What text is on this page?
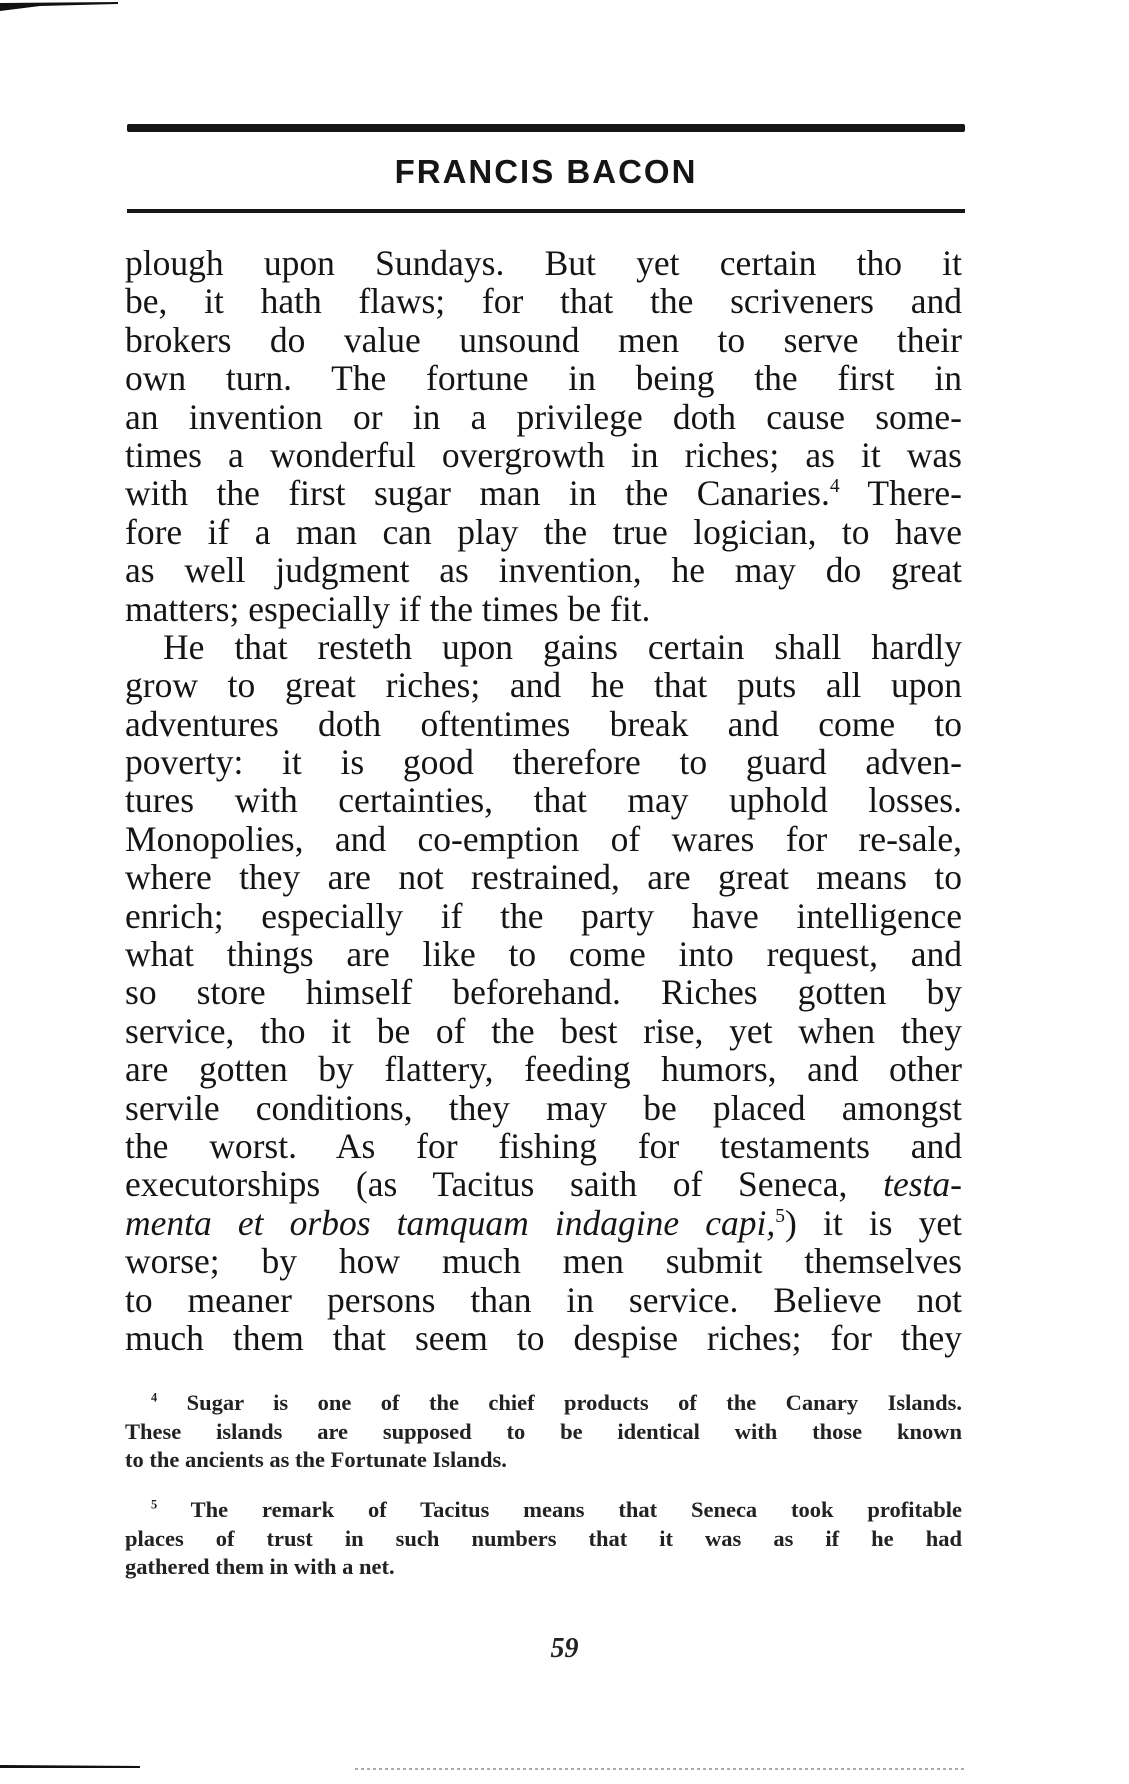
FRANCIS BACON
plough upon Sundays. But yet certain tho it
be, it hath flaws; for that the scriveners and
brokers do value unsound men to serve their
own turn. The fortune in being the first in
an invention or in a privilege doth cause some-
times a wonderful overgrowth in riches; as it was
with the first sugar man in the Canaries.$^4$ There-
fore if a man can play the true logician, to have
as well judgment as invention, he may do great
matters; especially if the times be fit.
He that resteth upon gains certain shall hardly
grow to great riches; and he that puts all upon
adventures doth oftentimes break and come to
poverty: it is good therefore to guard adven-
tures with certainties, that may uphold losses.
Monopolies, and co-emption of wares for re-sale,
where they are not restrained, are great means to
enrich; especially if the party have intelligence
what things are like to come into request, and
so store himself beforehand. Riches gotten by
service, tho it be of the best rise, yet when they
are gotten by flattery, feeding humors, and other
servile conditions, they may be placed amongst
the worst. As for fishing for testaments and
executorships (as Tacitus saith of Seneca, testa-
menta et orbos tamquam indagine capi,$^5$) it is yet
worse; by how much men submit themselves
to meaner persons than in service. Believe not
much them that seem to despise riches; for they
$^4$ Sugar is one of the chief products of the Canary Islands.
These islands are supposed to be identical with those known
to the ancients as the Fortunate Islands.
$^5$ The remark of Tacitus means that Seneca took profitable
places of trust in such numbers that it was as if he had
gathered them in with a net.
59
